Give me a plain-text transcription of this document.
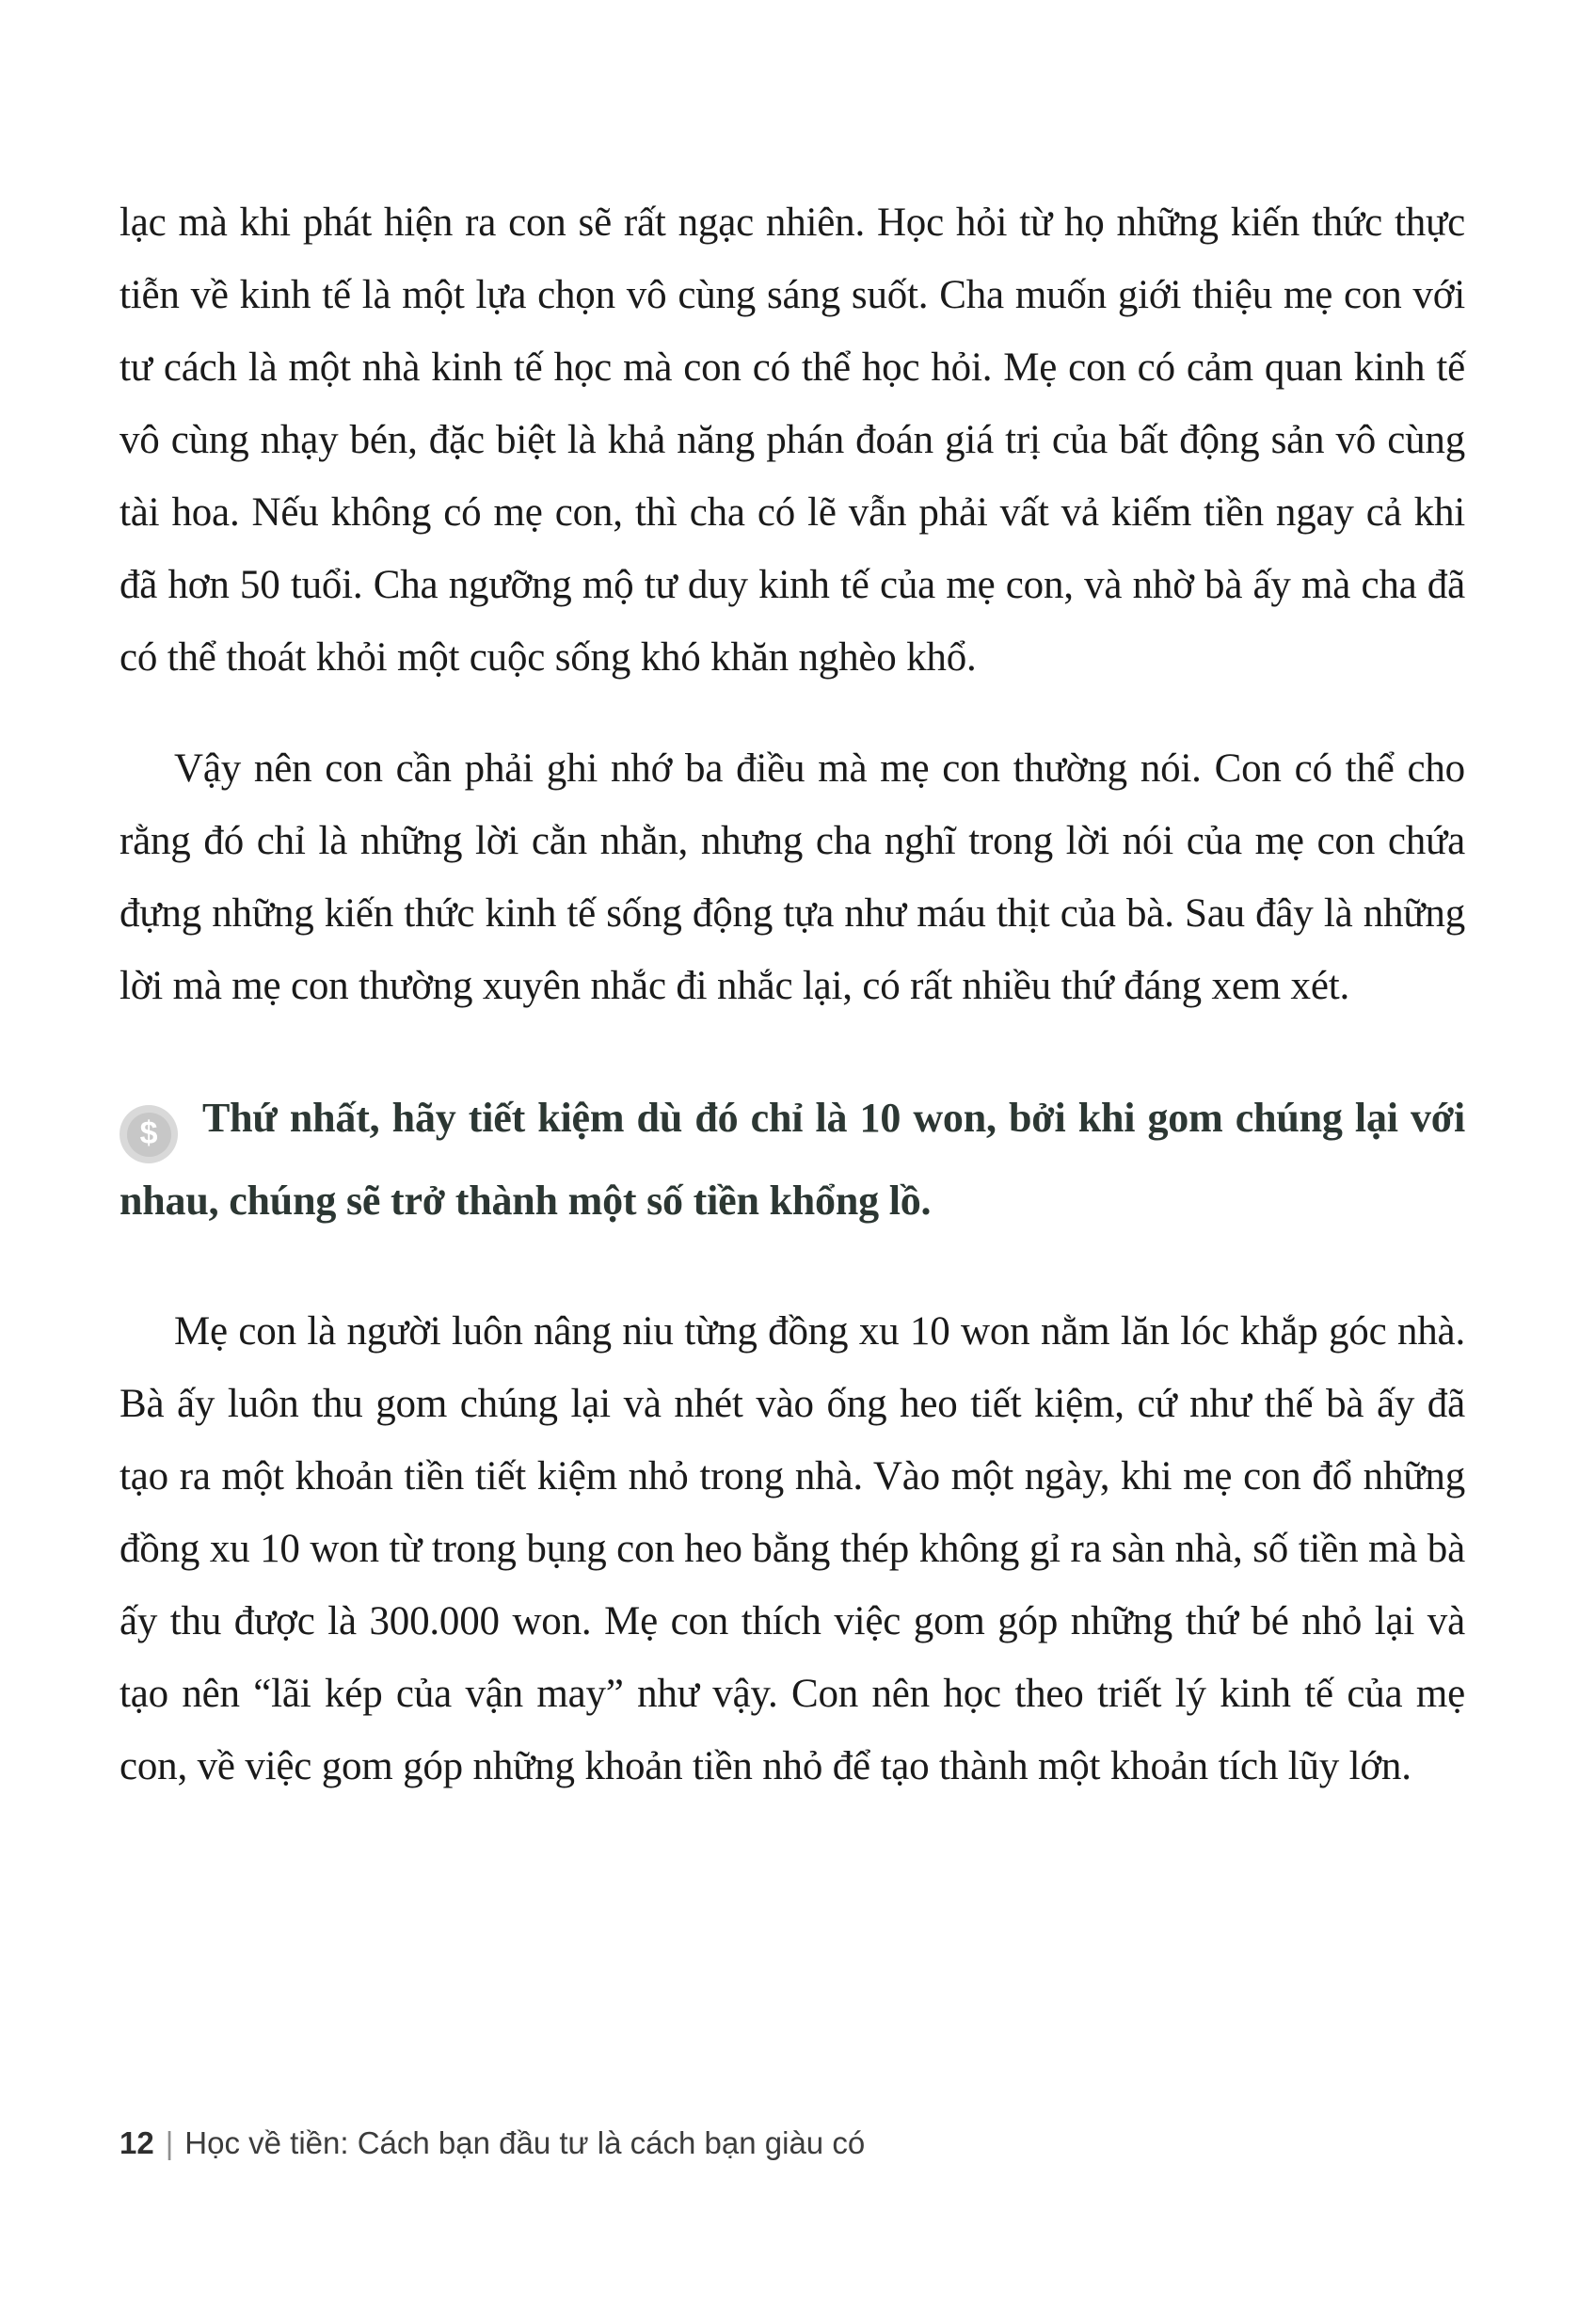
lạc mà khi phát hiện ra con sẽ rất ngạc nhiên. Học hỏi từ họ những kiến thức thực tiễn về kinh tế là một lựa chọn vô cùng sáng suốt. Cha muốn giới thiệu mẹ con với tư cách là một nhà kinh tế học mà con có thể học hỏi. Mẹ con có cảm quan kinh tế vô cùng nhạy bén, đặc biệt là khả năng phán đoán giá trị của bất động sản vô cùng tài hoa. Nếu không có mẹ con, thì cha có lẽ vẫn phải vất vả kiếm tiền ngay cả khi đã hơn 50 tuổi. Cha ngưỡng mộ tư duy kinh tế của mẹ con, và nhờ bà ấy mà cha đã có thể thoát khỏi một cuộc sống khó khăn nghèo khổ.

Vậy nên con cần phải ghi nhớ ba điều mà mẹ con thường nói. Con có thể cho rằng đó chỉ là những lời cằn nhằn, nhưng cha nghĩ trong lời nói của mẹ con chứa đựng những kiến thức kinh tế sống động tựa như máu thịt của bà. Sau đây là những lời mà mẹ con thường xuyên nhắc đi nhắc lại, có rất nhiều thứ đáng xem xét.

$ Thứ nhất, hãy tiết kiệm dù đó chỉ là 10 won, bởi khi gom chúng lại với nhau, chúng sẽ trở thành một số tiền khổng lồ.

Mẹ con là người luôn nâng niu từng đồng xu 10 won nằm lăn lóc khắp góc nhà. Bà ấy luôn thu gom chúng lại và nhét vào ống heo tiết kiệm, cứ như thế bà ấy đã tạo ra một khoản tiền tiết kiệm nhỏ trong nhà. Vào một ngày, khi mẹ con đổ những đồng xu 10 won từ trong bụng con heo bằng thép không gỉ ra sàn nhà, số tiền mà bà ấy thu được là 300.000 won. Mẹ con thích việc gom góp những thứ bé nhỏ lại và tạo nên “lãi kép của vận may” như vậy. Con nên học theo triết lý kinh tế của mẹ con, về việc gom góp những khoản tiền nhỏ để tạo thành một khoản tích lũy lớn.

12 | Học về tiền: Cách bạn đầu tư là cách bạn giàu có
